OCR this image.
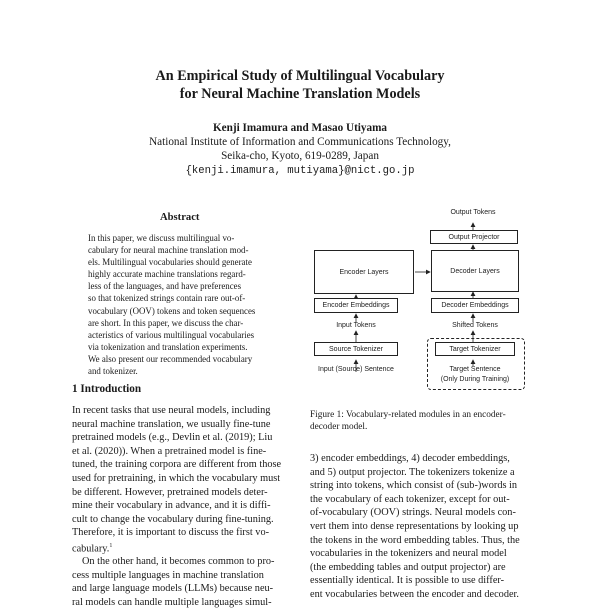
An Empirical Study of Multilingual Vocabulary
for Neural Machine Translation Models
Kenji Imamura and Masao Utiyama
National Institute of Information and Communications Technology,
Seika-cho, Kyoto, 619-0289, Japan
{kenji.imamura, mutiyama}@nict.go.jp
Abstract
In this paper, we discuss multilingual vo-
cabulary for neural machine translation mod-
els. Multilingual vocabularies should generate
highly accurate machine translations regard-
less of the languages, and have preferences
so that tokenized strings contain rare out-of-
vocabulary (OOV) tokens and token sequences
are short. In this paper, we discuss the char-
acteristics of various multilingual vocabularies
via tokenization and translation experiments.
We also present our recommended vocabulary
and tokenizer.
1 Introduction
In recent tasks that use neural models, including
neural machine translation, we usually fine-tune
pretrained models (e.g., Devlin et al. (2019); Liu
et al. (2020)). When a pretrained model is fine-
tuned, the training corpora are different from those
used for pretraining, in which the vocabulary must
be different. However, pretrained models deter-
mine their vocabulary in advance, and it is diffi-
cult to change the vocabulary during fine-tuning.
Therefore, it is important to discuss the first vo-
cabulary.$^1$
On the other hand, it becomes common to pro-
cess multiple languages in machine translation
and large language models (LLMs) because neu-
ral models can handle multiple languages simul-
Output Tokens
Output Projector
Encoder Layers	Decoder Layers
Encoder Embeddings	Decoder Embeddings
Input Tokens	Shifted Tokens
Source Tokenizer	Target Tokenizer
Input (Source) Sentence	Target Sentence
(Only During Training)
Figure 1: Vocabulary-related modules in an encoder-
decoder model.
3) encoder embeddings, 4) decoder embeddings,
and 5) output projector. The tokenizers tokenize a
string into tokens, which consist of (sub-)words in
the vocabulary of each tokenizer, except for out-
of-vocabulary (OOV) strings. Neural models con-
vert them into dense representations by looking up
the tokens in the word embedding tables. Thus, the
vocabularies in the tokenizers and neural model
(the embedding tables and output projector) are
essentially identical. It is possible to use differ-
ent vocabularies between the encoder and decoder.
